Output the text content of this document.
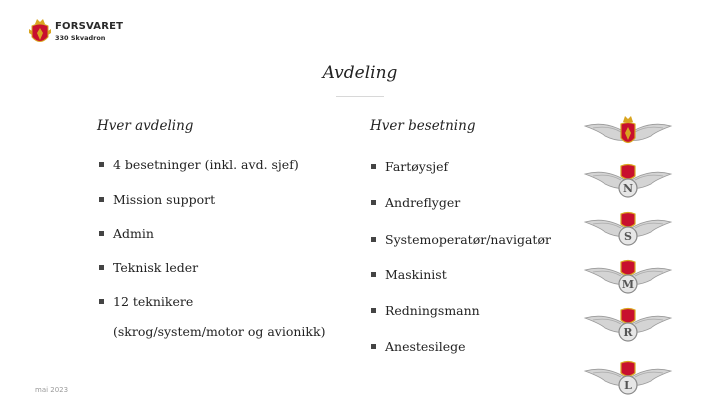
FORSVARET
330 Skvadron
Avdeling
Hver avdeling	Hver besetning
4 besetninger (inkl. avd. sjef)
Mission support
Admin
Teknisk leder
12 teknikere
(skrog/system/motor og avionikk)
Fartøysjef
Andreflyger
Systemoperatør/navigatør
Maskinist
Redningsmann
Anestesilege
N
S
M
R
L
mai 2023
